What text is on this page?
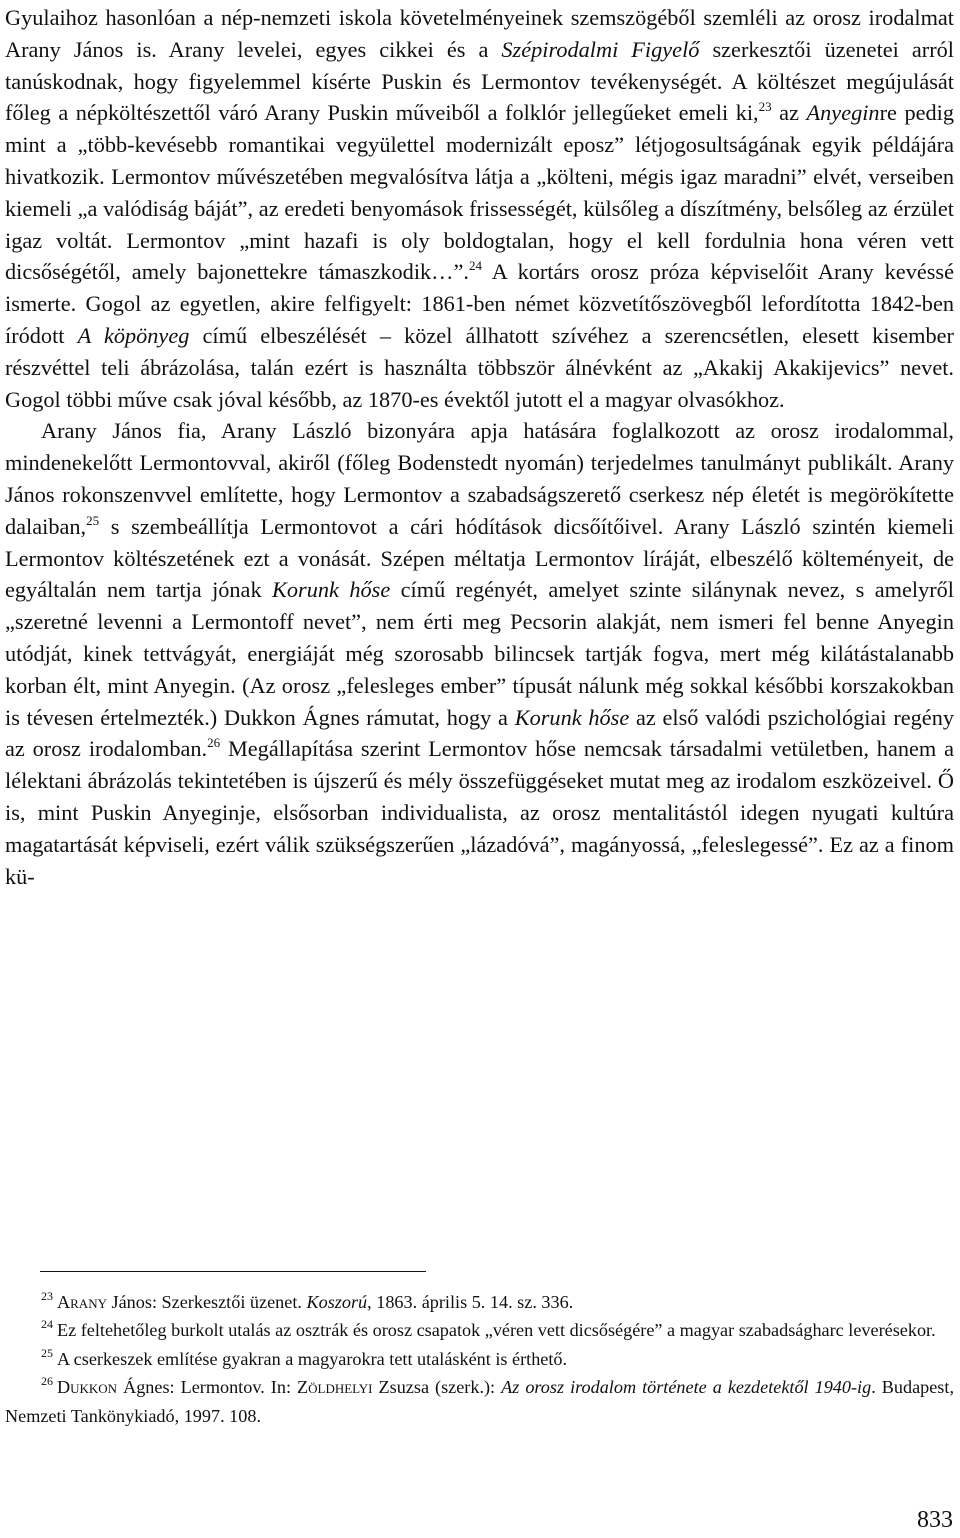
Gyulaihoz hasonlóan a nép-nemzeti iskola követelményeinek szemszögéből szemléli az orosz irodalmat Arany János is. Arany levelei, egyes cikkei és a Szépirodalmi Figyelő szerkesztői üzenetei arról tanúskodnak, hogy figyelemmel kísérte Puskin és Lermontov tevékenységét. A költészet megújulását főleg a népköltészettől váró Arany Puskin műveiből a folklór jellegűeket emeli ki,$^{23}$ az Anyeginre pedig mint a „több-kevésebb romantikai vegyülettel modernizált eposz” létjogosultságának egyik példájára hivatkozik. Lermontov művészetében megvalósítva látja a „költeni, mégis igaz maradni” elvét, verseiben kiemeli „a valódiság báját”, az eredeti benyomások frissességét, külsőleg a díszítmény, belsőleg az érzület igaz voltát. Lermontov „mint hazafi is oly boldogtalan, hogy el kell fordulnia hona véren vett dicsőségétől, amely bajonettekre támaszkodik…”.$^{24}$ A kortárs orosz próza képviselőit Arany kevéssé ismerte. Gogol az egyetlen, akire felfigyelt: 1861-ben német közvetítőszövegből lefordította 1842-ben íródott A köpönyeg című elbeszélését – közel állhatott szívéhez a szerencsétlen, elesett kisember részvéttel teli ábrázolása, talán ezért is használta többször álnévként az „Akakij Akakijevics” nevet. Gogol többi műve csak jóval később, az 1870-es évektől jutott el a magyar olvasókhoz.

Arany János fia, Arany László bizonyára apja hatására foglalkozott az orosz irodalommal, mindenekelőtt Lermontovval, akiről (főleg Bodenstedt nyomán) terjedelmes tanulmányt publikált. Arany János rokonszenvvel említette, hogy Lermontov a szabadságszerető cserkesz nép életét is megörökítette dalaiban,$^{25}$ s szembeállítja Lermontovot a cári hódítások dicsőítőivel. Arany László szintén kiemeli Lermontov költészetének ezt a vonását. Szépen méltatja Lermontov líráját, elbeszélő költeményeit, de egyáltalán nem tartja jónak Korunk hőse című regényét, amelyet szinte silánynak nevez, s amelyről „szeretné levenni a Lermontoff nevet”, nem érti meg Pecsorin alakját, nem ismeri fel benne Anyegin utódját, kinek tettvágyát, energiáját még szorosabb bilincsek tartják fogva, mert még kilátástalanabb korban élt, mint Anyegin. (Az orosz „felesleges ember” típusát nálunk még sokkal későbbi korszakokban is tévesen értelmezték.) Dukkon Ágnes rámutat, hogy a Korunk hőse az első valódi pszichológiai regény az orosz irodalomban.$^{26}$ Megállapítása szerint Lermontov hőse nemcsak társadalmi vetületben, hanem a lélektani ábrázolás tekintetében is újszerű és mély összefüggéseket mutat meg az irodalom eszközeivel. Ő is, mint Puskin Anyeginje, elsősorban individualista, az orosz mentalitástól idegen nyugati kultúra magatartását képviseli, ezért válik szükségszerűen „lázadóvá”, magányossá, „feleslegessé”. Ez az a finom kü-

$^{23}$ Arany János: Szerkesztői üzenet. Koszorú, 1863. április 5. 14. sz. 336.

$^{24}$ Ez feltehetőleg burkolt utalás az osztrák és orosz csapatok „véren vett dicsőségére” a magyar szabadságharc leverésekor.

$^{25}$ A cserkeszek említése gyakran a magyarokra tett utalásként is érthető.

$^{26}$ Dukkon Ágnes: Lermontov. In: Zöldhelyi Zsuzsa (szerk.): Az orosz irodalom története a kezdetektől 1940-ig. Budapest, Nemzeti Tankönykiadó, 1997. 108.

833
